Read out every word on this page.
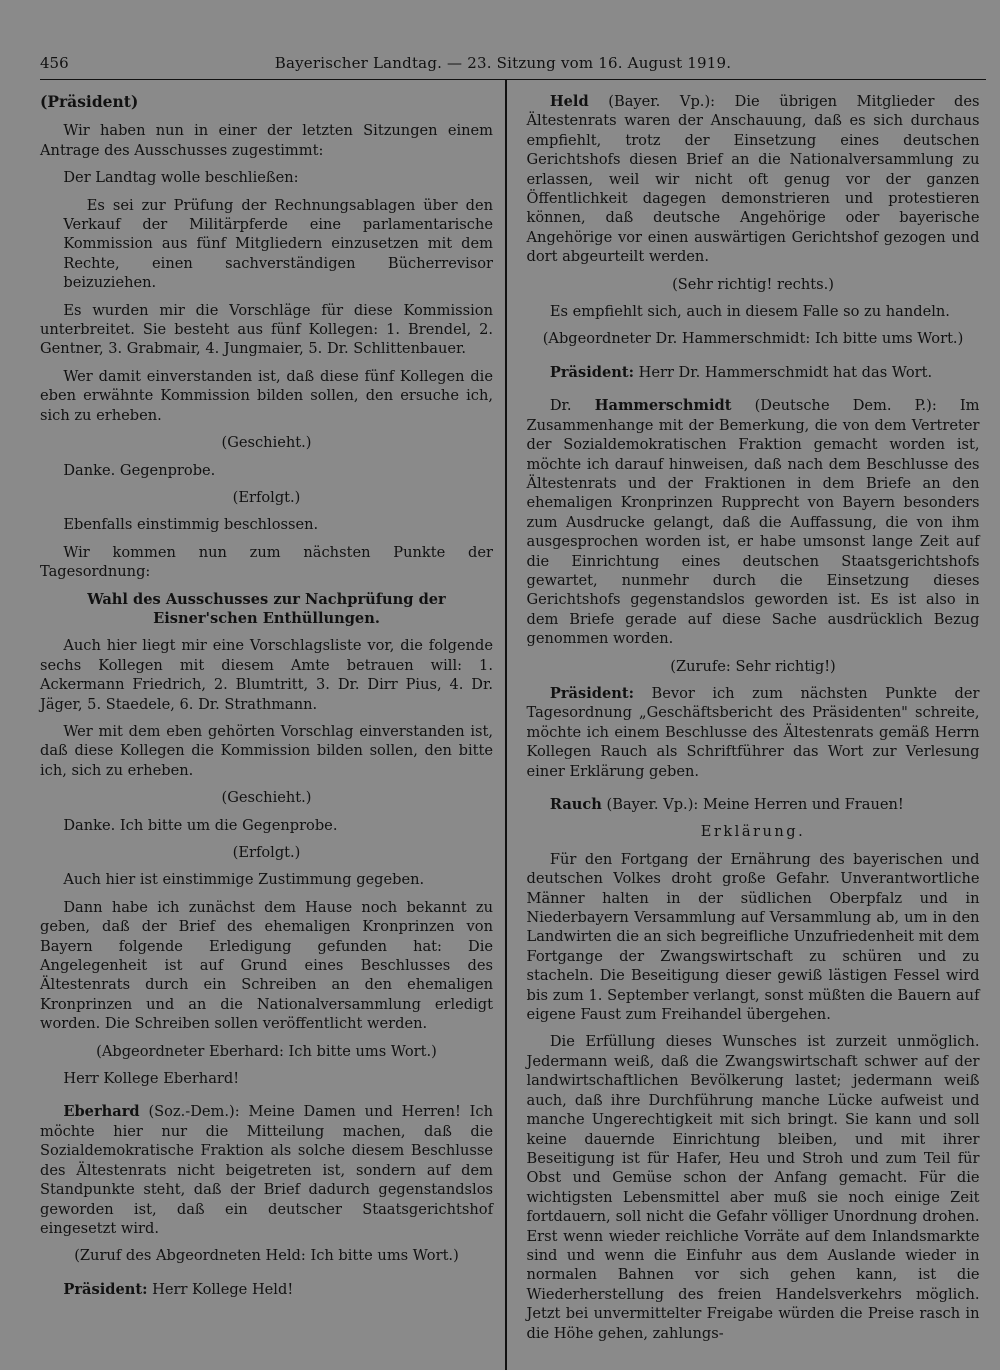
456	Bayerischer Landtag. — 23. Sitzung vom 16. August 1919.

(Präsident)

Wir haben nun in einer der letzten Sitzungen einem Antrage des Ausschusses zugestimmt:

Der Landtag wolle beschließen:

Es sei zur Prüfung der Rechnungsablagen über den Verkauf der Militärpferde eine parlamentarische Kommission aus fünf Mitgliedern einzusetzen mit dem Rechte, einen sachverständigen Bücherrevisor beizuziehen.

Es wurden mir die Vorschläge für diese Kommission unterbreitet. Sie besteht aus fünf Kollegen: 1. Brendel, 2. Gentner, 3. Grabmair, 4. Jungmaier, 5. Dr. Schlittenbauer.

Wer damit einverstanden ist, daß diese fünf Kollegen die eben erwähnte Kommission bilden sollen, den ersuche ich, sich zu erheben.

(Geschieht.)

Danke. Gegenprobe.

(Erfolgt.)

Ebenfalls einstimmig beschlossen.

Wir kommen nun zum nächsten Punkte der Tagesordnung:

Wahl des Ausschusses zur Nachprüfung der Eisner'schen Enthüllungen.

Auch hier liegt mir eine Vorschlagsliste vor, die folgende sechs Kollegen mit diesem Amte betrauen will: 1. Ackermann Friedrich, 2. Blumtritt, 3. Dr. Dirr Pius, 4. Dr. Jäger, 5. Staedele, 6. Dr. Strathmann.

Wer mit dem eben gehörten Vorschlag einverstanden ist, daß diese Kollegen die Kommission bilden sollen, den bitte ich, sich zu erheben.

(Geschieht.)

Danke. Ich bitte um die Gegenprobe.

(Erfolgt.)

Auch hier ist einstimmige Zustimmung gegeben.

Dann habe ich zunächst dem Hause noch bekannt zu geben, daß der Brief des ehemaligen Kronprinzen von Bayern folgende Erledigung gefunden hat: Die Angelegenheit ist auf Grund eines Beschlusses des Ältestenrats durch ein Schreiben an den ehemaligen Kronprinzen und an die Nationalversammlung erledigt worden. Die Schreiben sollen veröffentlicht werden.

(Abgeordneter Eberhard: Ich bitte ums Wort.)

Herr Kollege Eberhard!

Eberhard (Soz.-Dem.): Meine Damen und Herren! Ich möchte hier nur die Mitteilung machen, daß die Sozialdemokratische Fraktion als solche diesem Beschlusse des Ältestenrats nicht beigetreten ist, sondern auf dem Standpunkte steht, daß der Brief dadurch gegenstandslos geworden ist, daß ein deutscher Staatsgerichtshof eingesetzt wird.

(Zuruf des Abgeordneten Held: Ich bitte ums Wort.)

Präsident: Herr Kollege Held!

Held (Bayer. Vp.): Die übrigen Mitglieder des Ältestenrats waren der Anschauung, daß es sich durchaus empfiehlt, trotz der Einsetzung eines deutschen Gerichtshofs diesen Brief an die Nationalversammlung zu erlassen, weil wir nicht oft genug vor der ganzen Öffentlichkeit dagegen demonstrieren und protestieren können, daß deutsche Angehörige oder bayerische Angehörige vor einen auswärtigen Gerichtshof gezogen und dort abgeurteilt werden.

(Sehr richtig! rechts.)

Es empfiehlt sich, auch in diesem Falle so zu handeln.

(Abgeordneter Dr. Hammerschmidt: Ich bitte ums Wort.)

Präsident: Herr Dr. Hammerschmidt hat das Wort.

Dr. Hammerschmidt (Deutsche Dem. P.): Im Zusammenhange mit der Bemerkung, die von dem Vertreter der Sozialdemokratischen Fraktion gemacht worden ist, möchte ich darauf hinweisen, daß nach dem Beschlusse des Ältestenrats und der Fraktionen in dem Briefe an den ehemaligen Kronprinzen Rupprecht von Bayern besonders zum Ausdrucke gelangt, daß die Auffassung, die von ihm ausgesprochen worden ist, er habe umsonst lange Zeit auf die Einrichtung eines deutschen Staatsgerichtshofs gewartet, nunmehr durch die Einsetzung dieses Gerichtshofs gegenstandslos geworden ist. Es ist also in dem Briefe gerade auf diese Sache ausdrücklich Bezug genommen worden.

(Zurufe: Sehr richtig!)

Präsident: Bevor ich zum nächsten Punkte der Tagesordnung „Geschäftsbericht des Präsidenten" schreite, möchte ich einem Beschlusse des Ältestenrats gemäß Herrn Kollegen Rauch als Schriftführer das Wort zur Verlesung einer Erklärung geben.

Rauch (Bayer. Vp.): Meine Herren und Frauen!

Erklärung.

Für den Fortgang der Ernährung des bayerischen und deutschen Volkes droht große Gefahr. Unverantwortliche Männer halten in der südlichen Oberpfalz und in Niederbayern Versammlung auf Versammlung ab, um in den Landwirten die an sich begreifliche Unzufriedenheit mit dem Fortgange der Zwangswirtschaft zu schüren und zu stacheln. Die Beseitigung dieser gewiß lästigen Fessel wird bis zum 1. September verlangt, sonst müßten die Bauern auf eigene Faust zum Freihandel übergehen.

Die Erfüllung dieses Wunsches ist zurzeit unmöglich. Jedermann weiß, daß die Zwangswirtschaft schwer auf der landwirtschaftlichen Bevölkerung lastet; jedermann weiß auch, daß ihre Durchführung manche Lücke aufweist und manche Ungerechtigkeit mit sich bringt. Sie kann und soll keine dauernde Einrichtung bleiben, und mit ihrer Beseitigung ist für Hafer, Heu und Stroh und zum Teil für Obst und Gemüse schon der Anfang gemacht. Für die wichtigsten Lebensmittel aber muß sie noch einige Zeit fortdauern, soll nicht die Gefahr völliger Unordnung drohen. Erst wenn wieder reichliche Vorräte auf dem Inlandsmarkte sind und wenn die Einfuhr aus dem Auslande wieder in normalen Bahnen vor sich gehen kann, ist die Wiederherstellung des freien Handelsverkehrs möglich. Jetzt bei unvermittelter Freigabe würden die Preise rasch in die Höhe gehen, zahlungs-
